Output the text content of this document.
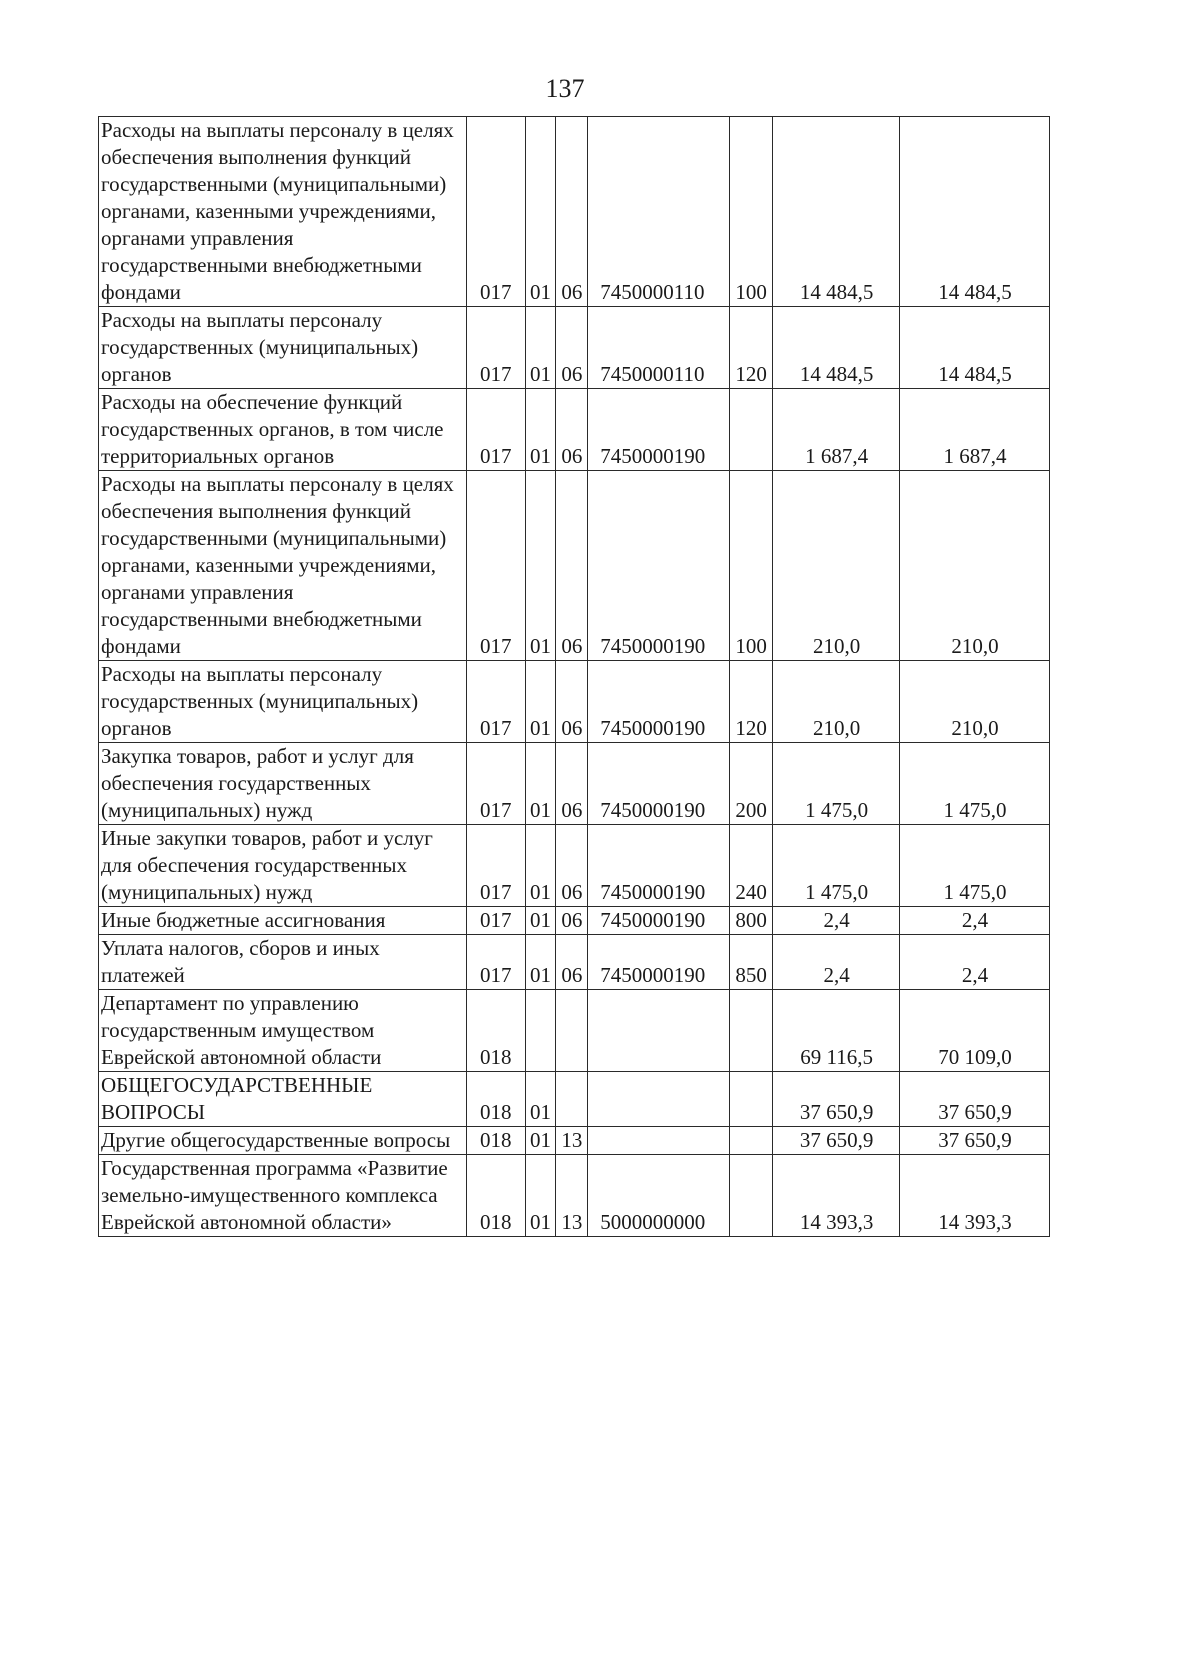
137
Расходы на выплаты персоналу в целях обеспечения выполнения функций государственными (муниципальными) органами, казенными учреждениями, органами управления государственными внебюджетными фондами	017	01	06	7450000110	100	14 484,5	14 484,5
Расходы на выплаты персоналу государственных (муниципальных) органов	017	01	06	7450000110	120	14 484,5	14 484,5
Расходы на обеспечение функций государственных органов, в том числе территориальных органов	017	01	06	7450000190		1 687,4	1 687,4
Расходы на выплаты персоналу в целях обеспечения выполнения функций государственными (муниципальными) органами, казенными учреждениями, органами управления государственными внебюджетными фондами	017	01	06	7450000190	100	210,0	210,0
Расходы на выплаты персоналу государственных (муниципальных) органов	017	01	06	7450000190	120	210,0	210,0
Закупка товаров, работ и услуг для обеспечения государственных (муниципальных) нужд	017	01	06	7450000190	200	1 475,0	1 475,0
Иные закупки товаров, работ и услуг для обеспечения государственных (муниципальных) нужд	017	01	06	7450000190	240	1 475,0	1 475,0
Иные бюджетные ассигнования	017	01	06	7450000190	800	2,4	2,4
Уплата налогов, сборов и иных платежей	017	01	06	7450000190	850	2,4	2,4
Департамент по управлению государственным имуществом Еврейской автономной области	018					69 116,5	70 109,0
ОБЩЕГОСУДАРСТВЕННЫЕ ВОПРОСЫ	018	01				37 650,9	37 650,9
Другие общегосударственные вопросы	018	01	13			37 650,9	37 650,9
Государственная программа «Развитие земельно-имущественного комплекса Еврейской автономной области»	018	01	13	5000000000		14 393,3	14 393,3
